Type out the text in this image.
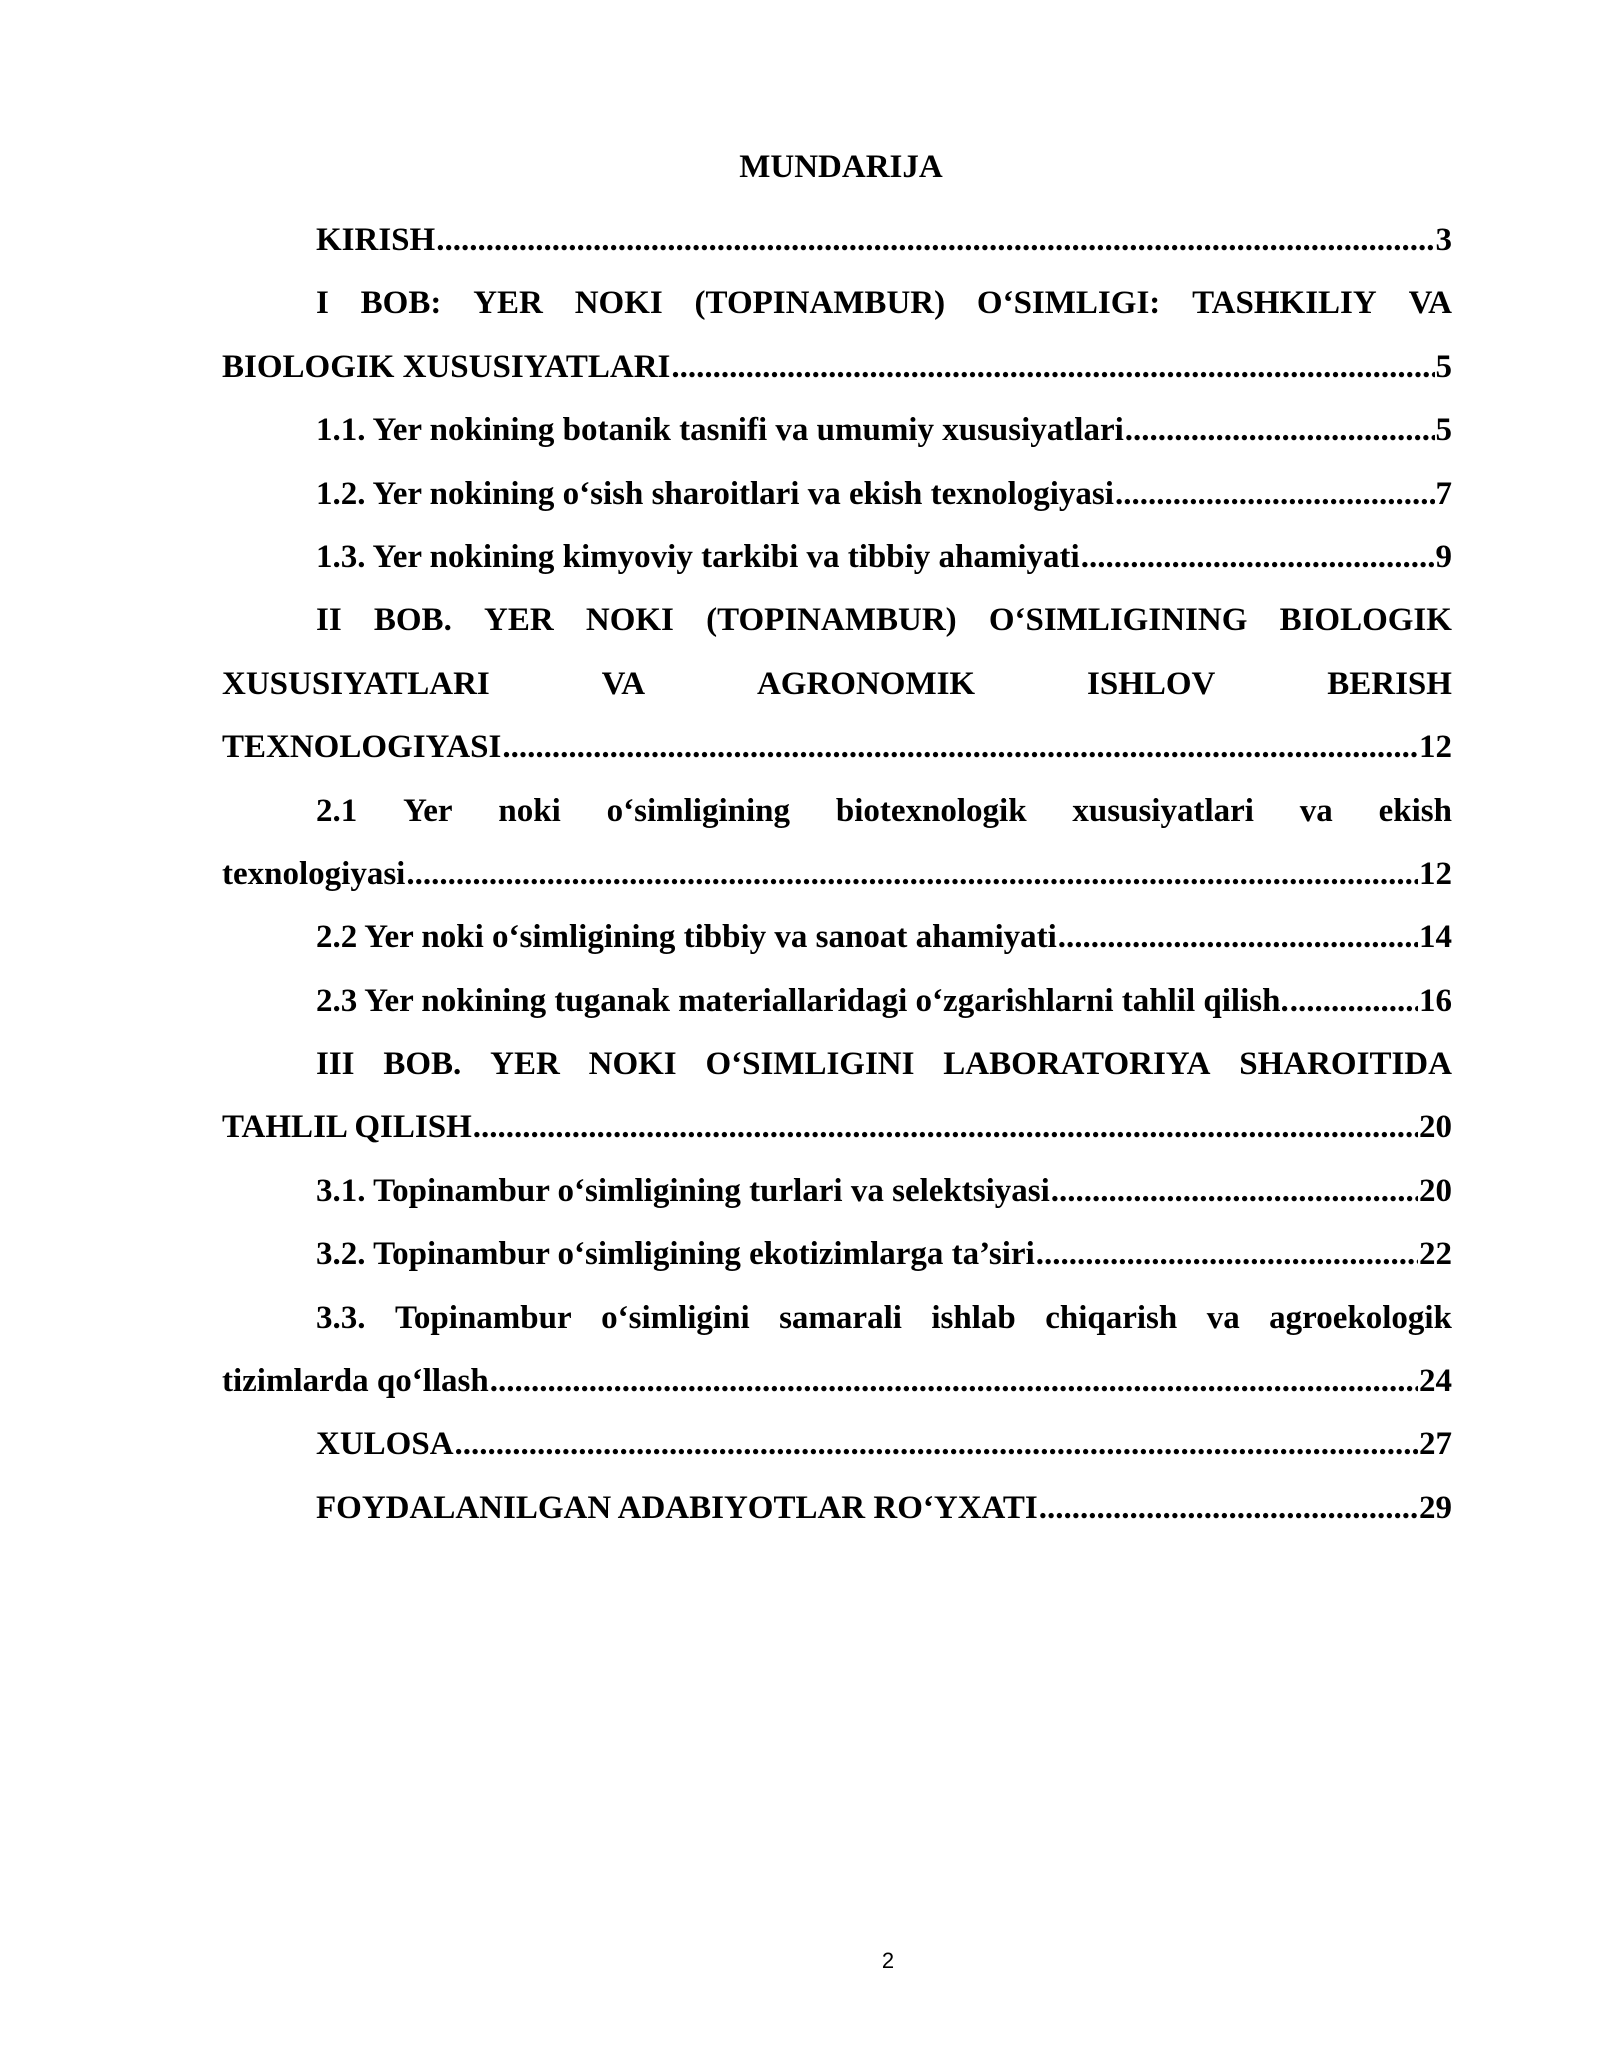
MUNDARIJA
KIRISH .....	3
I BOB: YER NOKI (TOPINAMBUR) O‘SIMLIGI: TASHKILIY VA
BIOLOGIK XUSUSIYATLARI .....	5
1.1. Yer nokining botanik tasnifi va umumiy xususiyatlari .....	5
1.2. Yer nokining o‘sish sharoitlari va ekish texnologiyasi .....	7
1.3. Yer nokining kimyoviy tarkibi va tibbiy ahamiyati .....	9
II BOB. YER NOKI (TOPINAMBUR) O‘SIMLIGINING BIOLOGIK
XUSUSIYATLARI	VA	AGRONOMIK	ISHLOV	BERISH
TEXNOLOGIYASI .....	12
2.1 Yer noki o‘simligining biotexnologik xususiyatlari va ekish
texnologiyasi .....	12
2.2 Yer noki o‘simligining tibbiy va sanoat ahamiyati .....	14
2.3 Yer nokining tuganak materiallaridagi o‘zgarishlarni tahlil qilish. .....	16
III BOB. YER NOKI O‘SIMLIGINI LABORATORIYA SHAROITIDA
TAHLIL QILISH .....	20
3.1. Topinambur o‘simligining turlari va selektsiyasi .....	20
3.2. Topinambur o‘simligining ekotizimlarga ta’siri .....	22
3.3. Topinambur o‘simligini samarali ishlab chiqarish va agroekologik
tizimlarda qo‘llash .....	24
XULOSA .....	27
FOYDALANILGAN ADABIYOTLAR RO‘YXATI .....	29
2
